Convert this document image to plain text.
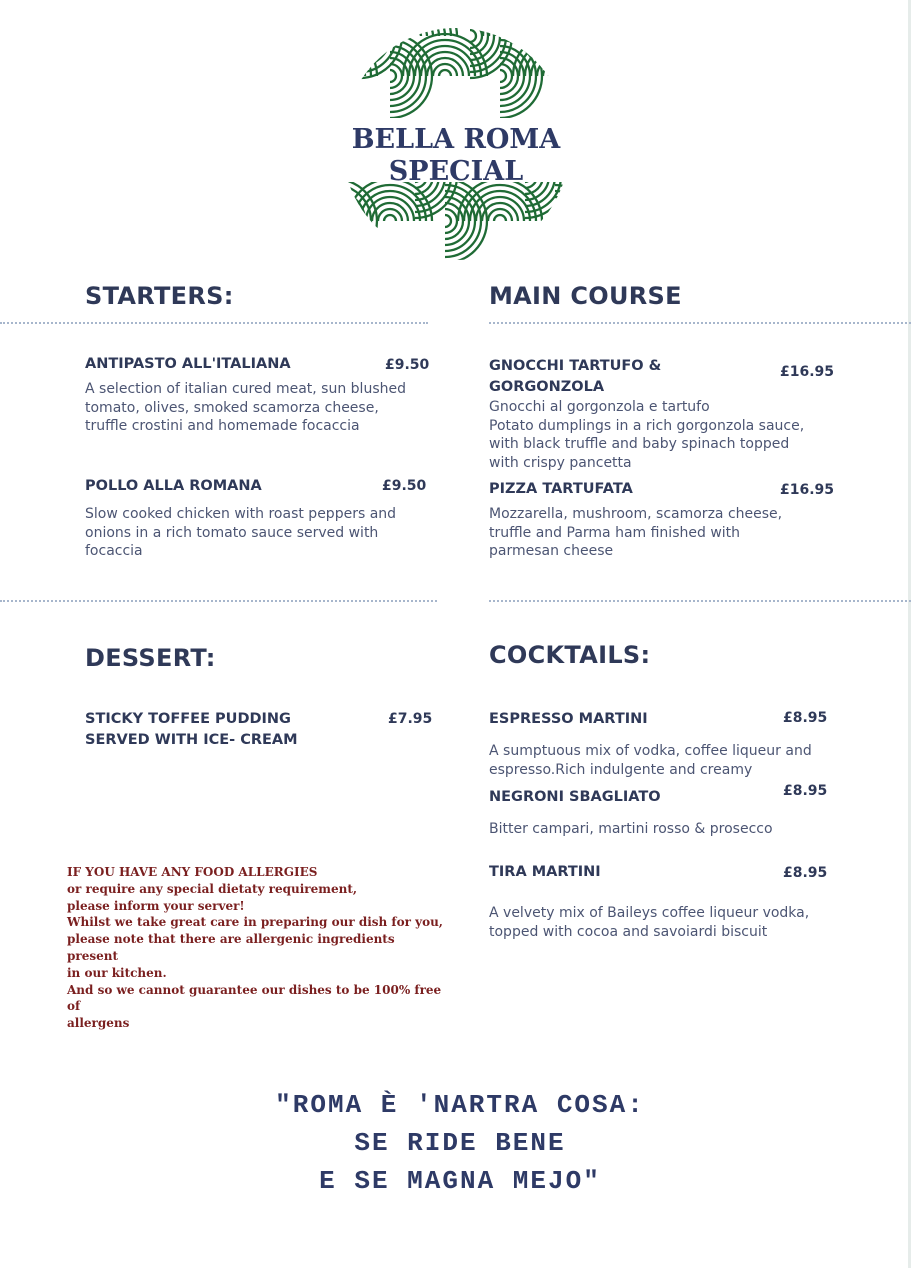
BELLA ROMA
SPECIAL
STARTERS:
ANTIPASTO ALL'ITALIANA	£9.50
A selection of italian cured meat, sun blushed
tomato, olives, smoked scamorza cheese,
truffle crostini and homemade focaccia
POLLO ALLA ROMANA	£9.50
Slow cooked chicken with roast peppers and
onions in a rich tomato sauce served with
focaccia
MAIN COURSE
GNOCCHI TARTUFO &
GORGONZOLA
£16.95
Gnocchi al gorgonzola e tartufo
Potato dumplings in a rich gorgonzola sauce,
with black truffle and baby spinach topped
with crispy pancetta
PIZZA TARTUFATA	£16.95
Mozzarella, mushroom, scamorza cheese,
truffle and Parma ham finished with
parmesan cheese
DESSERT:
STICKY TOFFEE PUDDING
SERVED WITH ICE- CREAM
£7.95
COCKTAILS:
ESPRESSO MARTINI	£8.95
A sumptuous mix of vodka, coffee liqueur and
espresso.Rich indulgente and creamy
NEGRONI SBAGLIATO	£8.95
Bitter campari, martini rosso & prosecco
TIRA MARTINI	£8.95
A velvety mix of Baileys coffee liqueur vodka,
topped with cocoa and savoiardi biscuit
IF YOU HAVE ANY FOOD ALLERGIES
or require any special dietaty requirement,
please inform your server!
Whilst we take great care in preparing our dish for you,
please note that there are allergenic ingredients present
in our kitchen.
And so we cannot guarantee our dishes to be 100% free of
allergens
"ROMA È 'NARTRA COSA:
SE RIDE BENE
E SE MAGNA MEJO"
